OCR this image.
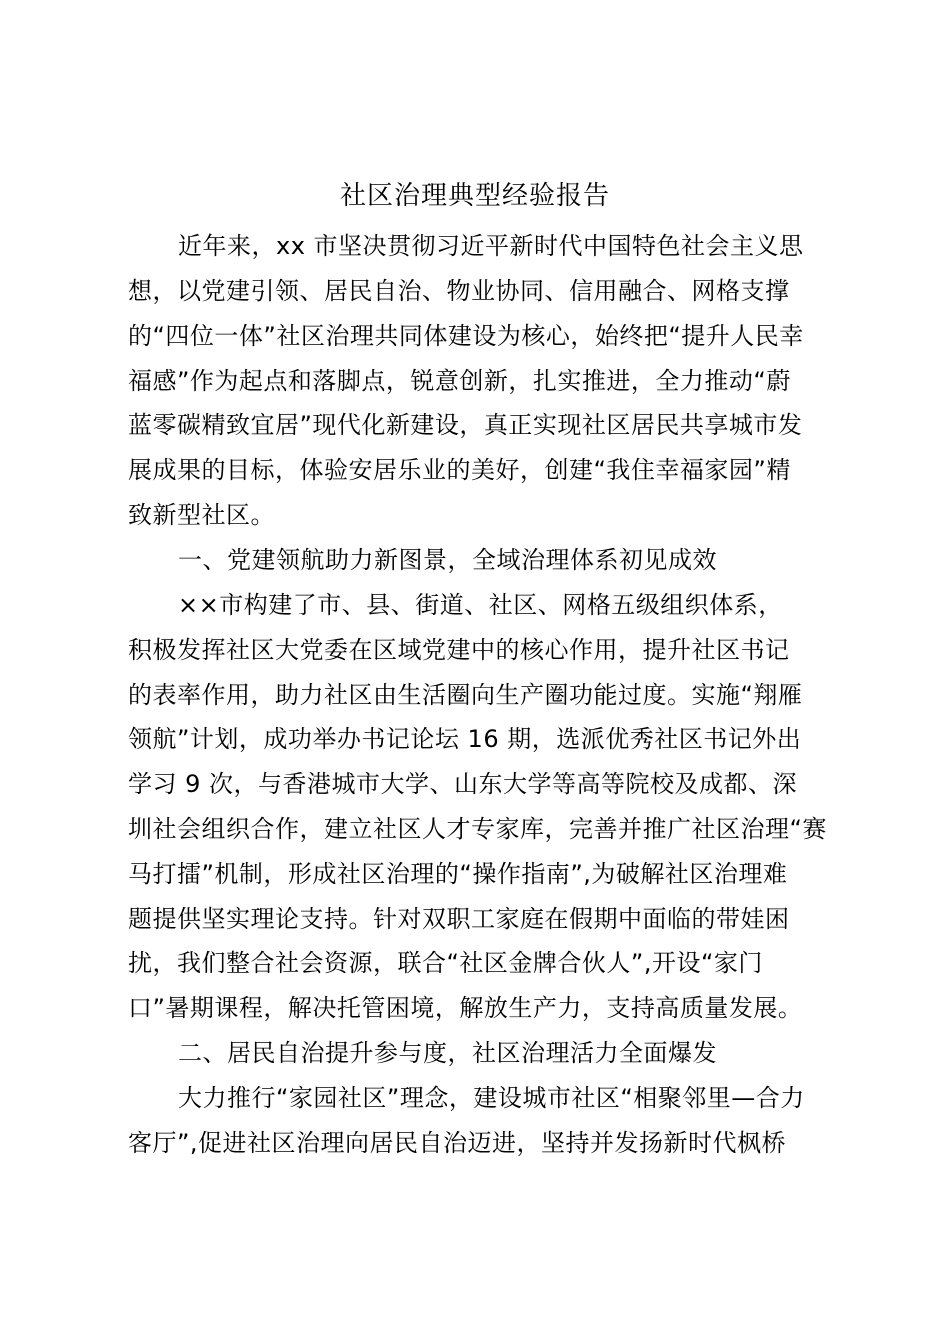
社区治理典型经验报告
近年来，xx 市坚决贯彻习近平新时代中国特色社会主义思
想，以党建引领、居民自治、物业协同、信用融合、网格支撑
的“四位一体”社区治理共同体建设为核心，始终把“提升人民幸
福感”作为起点和落脚点，锐意创新，扎实推进，全力推动“蔚
蓝零碳精致宜居”现代化新建设，真正实现社区居民共享城市发
展成果的目标，体验安居乐业的美好，创建“我住幸福家园”精
致新型社区。
一、党建领航助力新图景，全域治理体系初见成效
××市构建了市、县、街道、社区、网格五级组织体系，
积极发挥社区大党委在区域党建中的核心作用，提升社区书记
的表率作用，助力社区由生活圈向生产圈功能过度。实施“翔雁
领航”计划，成功举办书记论坛 16 期，选派优秀社区书记外出
学习 9 次，与香港城市大学、山东大学等高等院校及成都、深
圳社会组织合作，建立社区人才专家库，完善并推广社区治理“赛
马打擂”机制，形成社区治理的“操作指南”,为破解社区治理难
题提供坚实理论支持。针对双职工家庭在假期中面临的带娃困
扰，我们整合社会资源，联合“社区金牌合伙人”,开设“家门
口”暑期课程，解决托管困境，解放生产力，支持高质量发展。
二、居民自治提升参与度，社区治理活力全面爆发
大力推行“家园社区”理念，建设城市社区“相聚邻里—合力
客厅”,促进社区治理向居民自治迈进，坚持并发扬新时代枫桥
